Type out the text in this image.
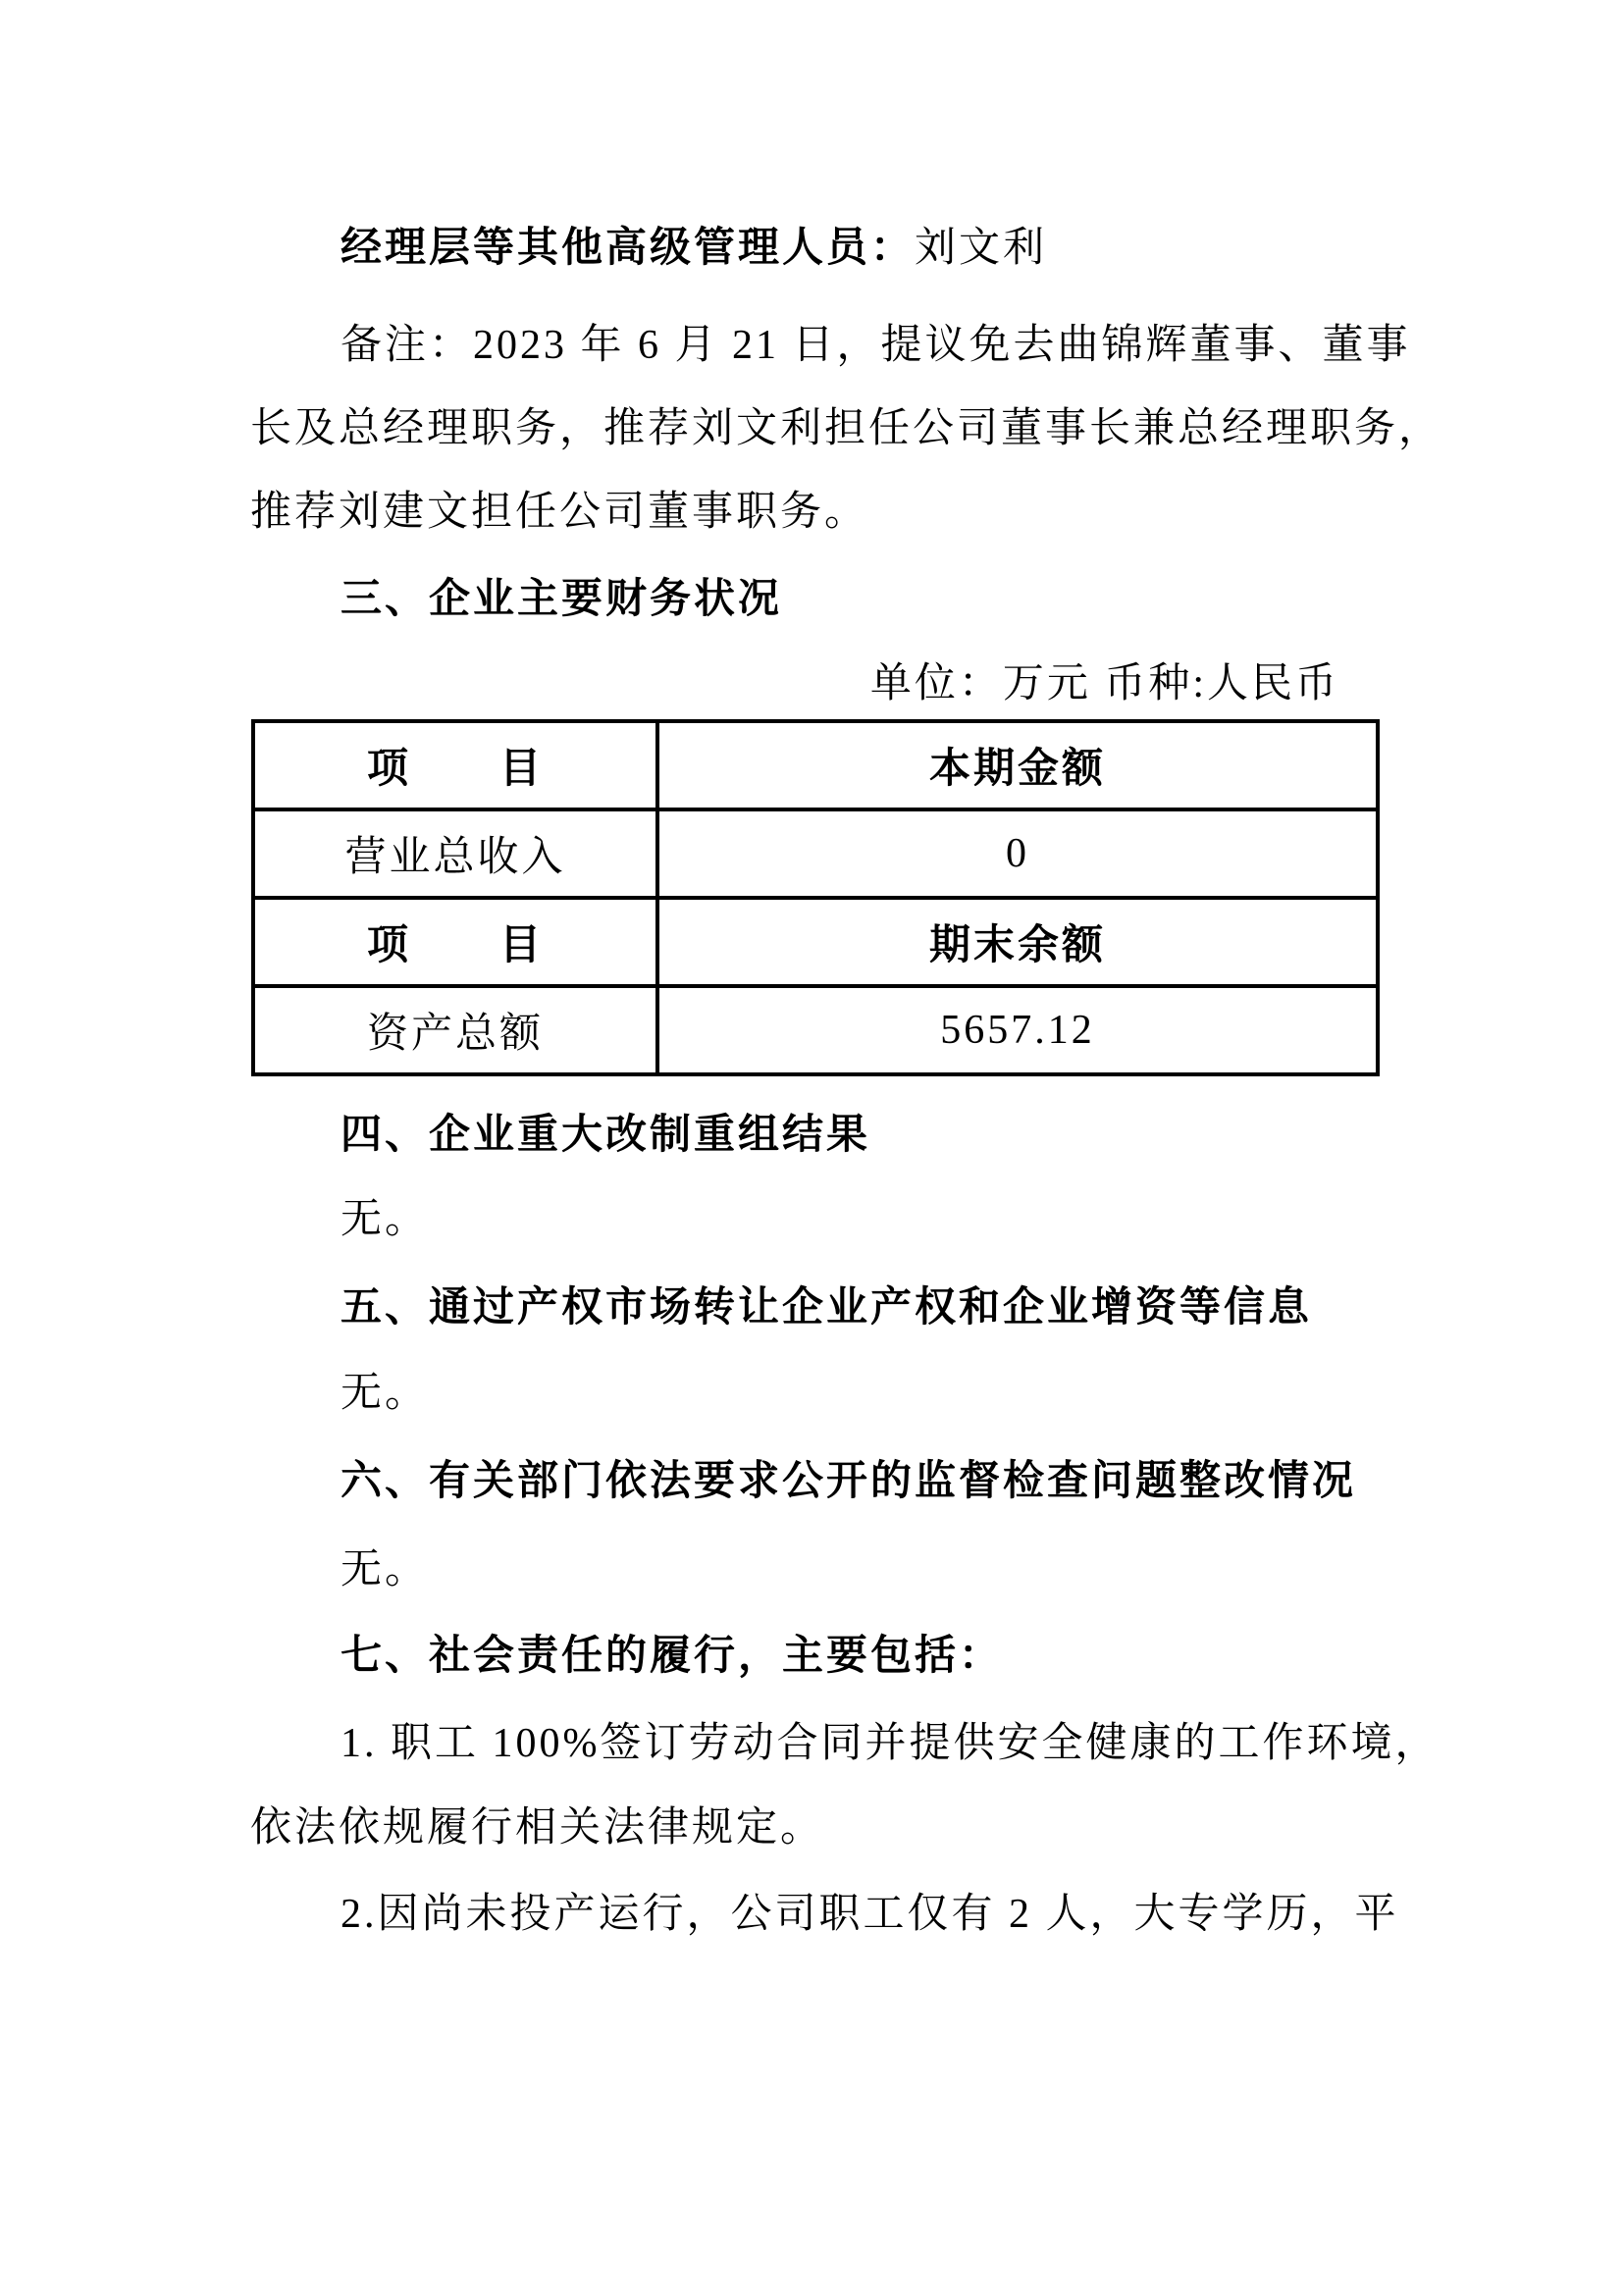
经理层等其他高级管理人员：刘文利
备注：2023 年 6 月 21 日，提议免去曲锦辉董事、董事
长及总经理职务，推荐刘文利担任公司董事长兼总经理职务，
推荐刘建文担任公司董事职务。
三、企业主要财务状况
单位：万元 币种:人民币
项　　目	本期金额
营业总收入	0
项　　目	期末余额
资产总额	5657.12
四、企业重大改制重组结果
无。
五、通过产权市场转让企业产权和企业增资等信息
无。
六、有关部门依法要求公开的监督检查问题整改情况
无。
七、社会责任的履行，主要包括：
1. 职工 100%签订劳动合同并提供安全健康的工作环境，
依法依规履行相关法律规定。
2.因尚未投产运行，公司职工仅有 2 人，大专学历，平
